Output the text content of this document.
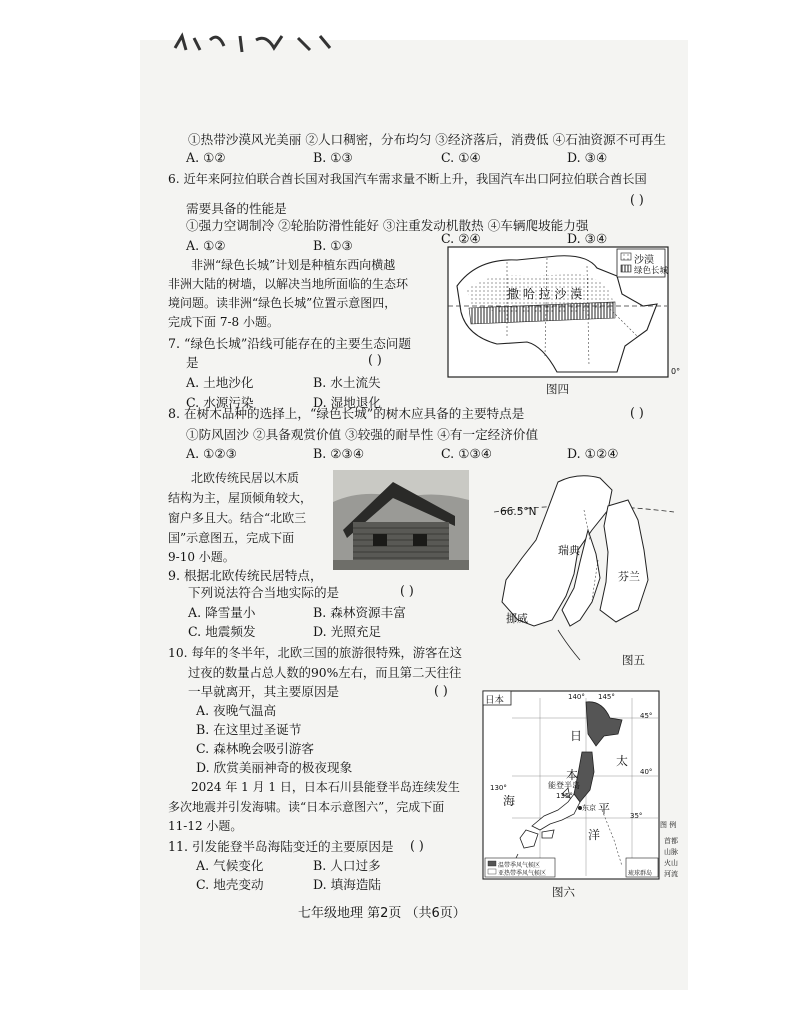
①热带沙漠风光美丽 ②人口稠密，分布均匀 ③经济落后，消费低 ④石油资源不可再生
A. ①②	B. ①③	C. ①④	D. ③④
6. 近年来阿拉伯联合酋长国对我国汽车需求量不断上升，我国汽车出口阿拉伯联合酋长国
( )
需要具备的性能是
①强力空调制冷 ②轮胎防滑性能好 ③注重发动机散热 ④车辆爬坡能力强
A. ①②	B. ①③	C. ②④	D. ③④
非洲“绿色长城”计划是种植东西向横越
非洲大陆的树墙，以解决当地所面临的生态环
境问题。读非洲“绿色长城”位置示意图四，
完成下面 7-8 小题。
沙漠
绿色长城
撒 哈 拉 沙 漠
0°
图四
7. “绿色长城”沿线可能存在的主要生态问题
是	( )
A. 土地沙化	B. 水土流失
C. 水源污染	D. 湿地退化
8. 在树木品种的选择上，“绿色长城”的树木应具备的主要特点是	( )
①防风固沙 ②具备观赏价值 ③较强的耐旱性 ④有一定经济价值
A. ①②③	B. ②③④	C. ①③④	D. ①②④
北欧传统民居以木质
结构为主，屋顶倾角较大，
窗户多且大。结合“北欧三
国”示意图五，完成下面
9-10 小题。
66.5°N
瑞典
芬兰
挪威
图五
9. 根据北欧传统民居特点，
下列说法符合当地实际的是	( )
A. 降雪量小	B. 森林资源丰富
C. 地震频发	D. 光照充足
10. 每年的冬半年，北欧三国的旅游很特殊，游客在这
过夜的数量占总人数的90%左右，而且第二天往往
一早就离开，其主要原因是	( )
A. 夜晚气温高
B. 在这里过圣诞节
C. 森林晚会吸引游客
D. 欣赏美丽神奇的极夜现象
2024 年 1 月 1 日，日本石川县能登半岛连续发生
多次地震并引发海啸。读“日本示意图六”，完成下面
11-12 小题。
11. 引发能登半岛海陆变迁的主要原因是 ( )
A. 气候变化	B. 人口过多
C. 地壳变动	D. 填海造陆
日本	140° 145°
45°
40°
35°
130°
135°
日
本
海
太
平
洋
能登半岛
东京
图 例
首都
山脉
火山
河流
温带季风气候区
亚热带季风气候区	琉球群岛
图六
七年级地理 第2页 （共6页）
